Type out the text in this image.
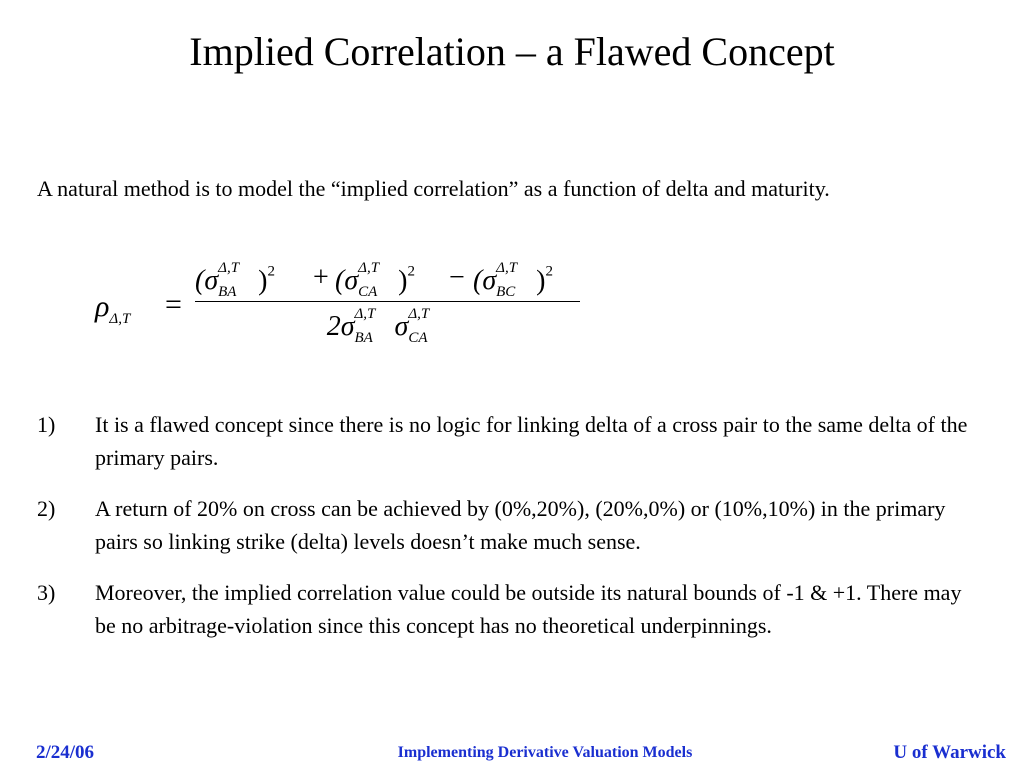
Implied Correlation – a Flawed Concept
A natural method is to model the “implied correlation” as a function of delta and maturity.
$\rho_{\Delta,T}$ =
(σ Δ,T
BA )$^2$ + (σ Δ,T
CA )$^2$ − (σ Δ,T
BC )$^2$
2σ Δ,T
BA σ Δ,T
CA
1)	It is a flawed concept since there is no logic for linking delta of a cross pair to the same delta of the primary pairs.
2)	A return of 20% on cross can be achieved by (0%,20%), (20%,0%) or (10%,10%) in the primary pairs so linking strike (delta) levels doesn’t make much sense.
3)	Moreover, the implied correlation value could be outside its natural bounds of -1 & +1. There may be no arbitrage-violation since this concept has no theoretical underpinnings.
2/24/06	Implementing Derivative Valuation Models	U of Warwick
